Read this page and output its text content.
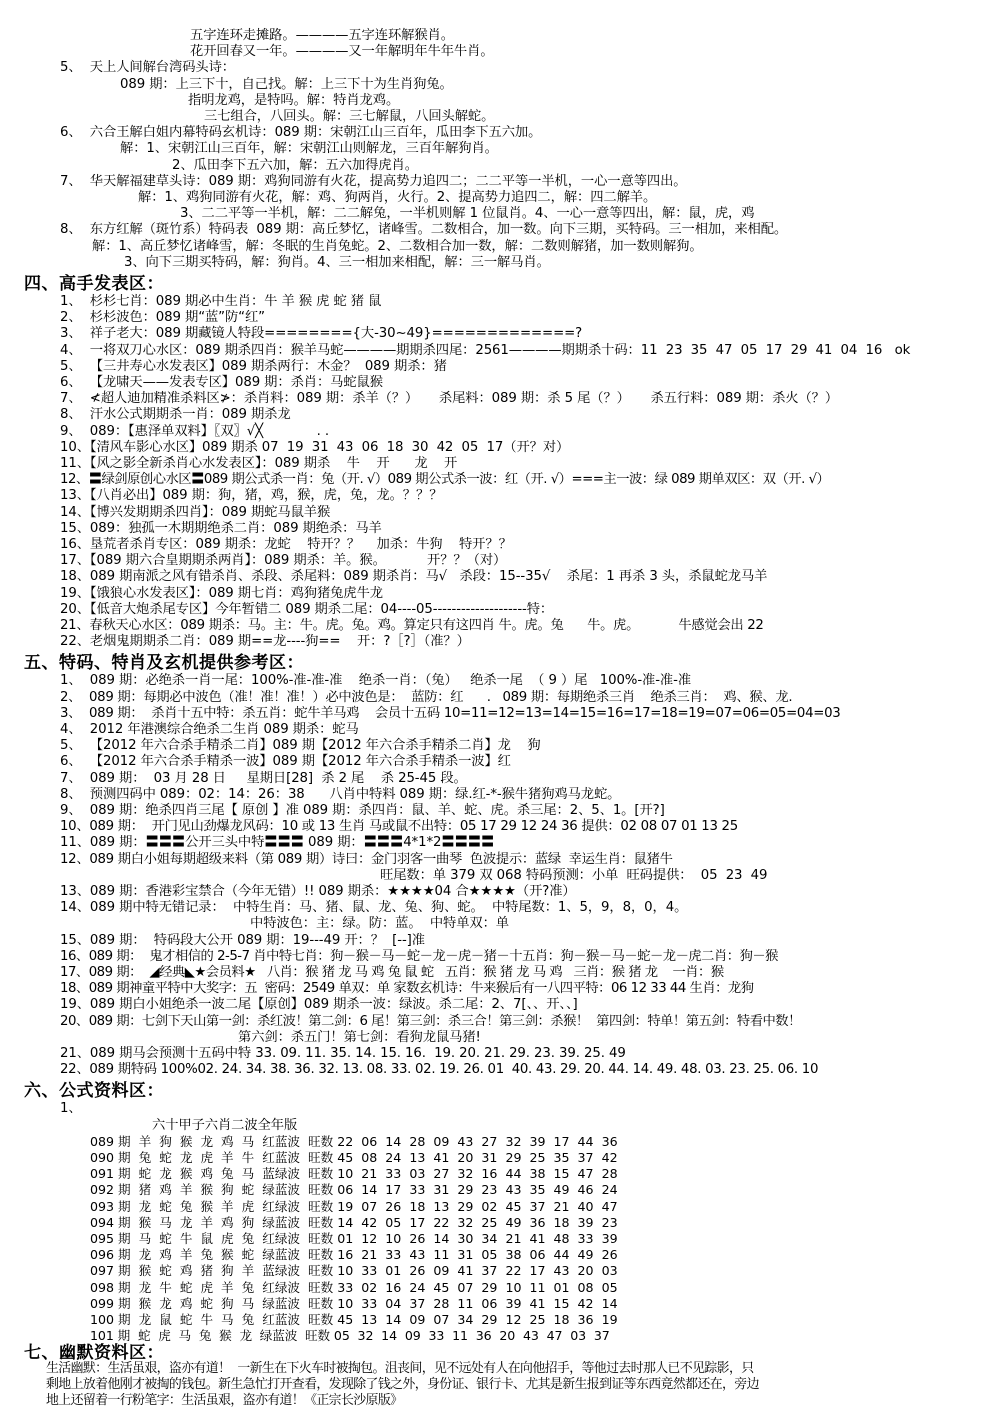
五字连环走摊路。————五字连环解猴肖。
花开回春又一年。————又一年解明年牛年牛肖。
5、  天上人间解台湾码头诗：
089 期：上三下十，自己找。解：上三下十为生肖狗兔。
指明龙鸡，是特吗。解：特肖龙鸡。
三七组合，八回头。解：三七解鼠，八回头解蛇。
6、  六合王解白姐内幕特码玄机诗：089 期：宋朝江山三百年，瓜田李下五六加。
解：1、宋朝江山三百年，解：宋朝江山则解龙，三百年解狗肖。
2、瓜田李下五六加，解：五六加得虎肖。
7、  华天解福建草头诗：089 期：鸡狗同游有火花，提高势力追四二；二二平等一半机，一心一意等四出。
解：1、鸡狗同游有火花，解：鸡、狗两肖，火行。2、提高势力追四二，解：四二解羊。
3、二二平等一半机，解：二二解兔，一半机则解 1 位鼠肖。4、一心一意等四出，解：鼠，虎，鸡
8、  东方红解（斑竹系）特码表  089 期：高丘梦忆，诸峰雪。二数相合，加一数。向下三期，买特码。三一相加，来相配。
解：1、高丘梦忆诸峰雪，解：冬眠的生肖兔蛇。2、二数相合加一数，解：二数则解猪，加一数则解狗。
3、向下三期买特码，解：狗肖。4、三一相加来相配，解：三一解马肖。
四、高手发表区：
1、  杉杉七肖：089 期必中生肖：牛 羊 猴 虎 蛇 猪 鼠
2、  杉杉波色：089 期“蓝”防“红”
3、  祥子老大：089 期藏镜人特段========{大-30~49}=============?
4、  一将双刀心水区：089 期杀四肖：猴羊马蛇————期期杀四尾：2561————期期杀十码：11  23  35  47  05  17  29  41  04  16   ok
5、  【三井寿心水发表区】089 期杀两行：木金？  089 期杀：猪
6、  【龙啸天——发表专区】089 期：杀肖：马蛇鼠猴
7、  ≮超人迪加精准杀料区≯：杀肖料：089 期：杀羊（？）     杀尾料：089 期：杀 5 尾（？）     杀五行料：089 期：杀火（？）
8、  汗水公式期期杀一肖：089 期杀龙
9、  089：【惠泽单双料】〖双〗√╳             . .
10、【清风车影心水区】089 期杀 07  19  31  43  06  18  30  42  05  17（开？对）
11、【风之影全新杀肖心水发表区】：089 期杀    牛    开      龙    开
12、〓绿剑原创心水区〓089 期公式杀一肖：兔（开. √）089 期公式杀一波：红（开. √）===主一波：绿 089 期单双区：双（开. √）
13、【八肖必出】089 期：狗，猪，鸡，猴，虎，兔，龙。？？？
14、【博兴发期期杀四肖】：089 期蛇马鼠羊猴
15、089：独孤一木期期绝杀二肖：089 期绝杀：马羊
16、垦荒者杀肖专区：089 期杀：龙蛇    特开？？    加杀：牛狗    特开？？
17、【089 期六合皇期期杀两肖】：089 期杀：羊。猴。          开？？（对）
18、089 期南派之风有错杀肖、杀段、杀尾料：089 期杀肖：马√   杀段：15--35√    杀尾：1 再杀 3 头，杀鼠蛇龙马羊
19、【饿狼心水发表区】：089 期七肖：鸡狗猪兔虎牛龙
20、【低音大炮杀尾专区】今年暂错二 089 期杀二尾：04----05--------------------特：
21、春秋天心水区：089 期杀：马。主：牛。虎。兔。鸡。算定只有这四肖 牛。虎。兔      牛。虎。          牛感觉会出 22
22、老烟鬼期期杀二肖：089 期==龙----狗==    开：?［?］（准？）
五、特码、特肖及玄机提供参考区：
1、  089 期：必绝杀一肖一尾：100%-准-准-准    绝杀一肖：（兔）   绝杀一尾  （ 9 ）尾   100%-准-准-准
2、  089 期：每期必中波色（准！准！准！）必中波色是：  蓝防：红      .   089 期：每期绝杀三肖    绝杀三肖：  鸡、猴、龙.
3、  089 期：  杀肖十五中特：杀五肖：蛇牛羊马鸡    会员十五码 10=11=12=13=14=15=16=17=18=19=07=06=05=04=03
4、  2012 年港澳综合绝杀二生肖 089 期杀：蛇马
5、  【2012 年六合杀手精杀二肖】089 期【2012 年六合杀手精杀二肖】龙    狗
6、  【2012 年六合杀手精杀一波】089 期【2012 年六合杀手精杀一波】红
7、  089 期：  03 月 28 日     星期日[28]  杀 2 尾    杀 25-45 段。
8、  预测四码中 089：02：14：26：38      八肖中特料 089 期：绿.红-*-猴牛猪狗鸡马龙蛇。
9、  089 期：绝杀四肖三尾【 原创 】准 089 期：杀四肖：鼠、羊、蛇、虎。杀三尾：2、5、1。[开?]
10、089 期：  开门见山劲爆龙风码：10 或 13 生肖 马或鼠不出特：05 17 29 12 24 36 提供：02 08 07 01 13 25
11、089 期：〓〓〓公开三头中特〓〓〓 089 期：〓〓〓4*1*2〓〓〓〓
12、089 期白小姐每期超级来料（第 089 期）诗曰：金门羽客一曲琴  色波提示：蓝绿  幸运生肖：鼠猪牛
旺尾数：单 379 双 068 特码预测：小单  旺码提供：  05  23  49
13、089 期：香港彩宝禁合（今年无错）!! 089 期杀：★★★★04 合★★★★（开?准）
14、089 期中特无错记录：  中特生肖：马、猪、鼠、龙、兔、狗、蛇。  中特尾数：1、5，9，8，0，4。
中特波色：主：绿。防：蓝。  中特单双：单
15、089 期：  特码段大公开 089 期：19---49 开：？  [--]准
16、089 期：  鬼才相信的 2-5-7 肖中特七肖：狗－猴－马－蛇－龙－虎－猪－十五肖：狗－猴－马－蛇－龙－虎二肖：狗－猴
17、089 期：  ◢经典◣★会员料★   八肖：猴 猪 龙 马 鸡 兔 鼠 蛇   五肖：猴 猪 龙 马 鸡   三肖：猴 猪 龙    一肖：猴
18、089 期神童平特中大奖字：五  密码：2549 单双：单 家数玄机诗：牛来猴后有一八四平特：06 12 33 44 生肖：龙狗
19、089 期白小姐绝杀一波二尾【原创】089 期杀一波：绿波。杀二尾：2、7[、、开、、]
20、089 期：七剑下天山第一剑：杀红波！第二剑：6 尾！第三剑：杀三合！第三剑：杀猴！  第四剑：特单！第五剑：特看中数！
第六剑：杀五门！第七剑：看狗龙鼠马猪!
21、089 期马会预测十五码中特 33. 09. 11. 35. 14. 15. 16.  19. 20. 21. 29. 23. 39. 25. 49
22、089 期特码 100%02. 24. 34. 38. 36. 32. 13. 08. 33. 02. 19. 26. 01  40. 43. 29. 20. 44. 14. 49. 48. 03. 23. 25. 06. 10
六、公式资料区：
1、
六十甲子六肖二波全年版
089 期  羊  狗  猴  龙  鸡  马  红蓝波  旺数 22  06  14  28  09  43  27  32  39  17  44  36
090 期  兔  蛇  龙  虎  羊  牛  红蓝波  旺数 45  08  24  13  41  20  31  29  25  35  37  42
091 期  蛇  龙  猴  鸡  兔  马  蓝绿波  旺数 10  21  33  03  27  32  16  44  38  15  47  28
092 期  猪  鸡  羊  猴  狗  蛇  绿蓝波  旺数 06  14  17  33  31  29  23  43  35  49  46  24
093 期  龙  蛇  兔  猴  羊  虎  红绿波  旺数 19  07  26  18  13  29  02  45  37  21  40  47
094 期  猴  马  龙  羊  鸡  狗  绿蓝波  旺数 14  42  05  17  22  32  25  49  36  18  39  23
095 期  马  蛇  牛  鼠  虎  兔  红绿波  旺数 01  12  10  26  14  30  34  21  41  48  33  39
096 期  龙  鸡  羊  兔  猴  蛇  绿蓝波  旺数 16  21  33  43  11  31  05  38  06  44  49  26
097 期  猴  蛇  鸡  猪  狗  羊  蓝绿波  旺数 10  33  01  26  09  41  37  22  17  43  20  03
098 期  龙  牛  蛇  虎  羊  兔  红绿波  旺数 33  02  16  24  45  07  29  10  11  01  08  05
099 期  猴  龙  鸡  蛇  狗  马  绿蓝波  旺数 10  33  04  37  28  11  06  39  41  15  42  14
100 期  龙  鼠  蛇  牛  马  兔  红蓝波  旺数 45  13  14  09  07  34  29  12  25  18  36  19
七、幽默资料区：
101 期  蛇  虎  马  兔  猴  龙  绿蓝波  旺数 05  32  14  09  33  11  36  20  43  47  03  37
生活幽默：生活虽艰，盗亦有道！  一新生在下火车时被掏包。沮丧间，见不远处有人在向他招手，等他过去时那人已不见踪影，只
剩地上放着他刚才被掏的钱包。新生急忙打开查看，发现除了钱之外，身份证、银行卡、尤其是新生报到证等东西竟然都还在，旁边
地上还留着一行粉笔字：生活虽艰，盗亦有道！《正宗长沙原版》
